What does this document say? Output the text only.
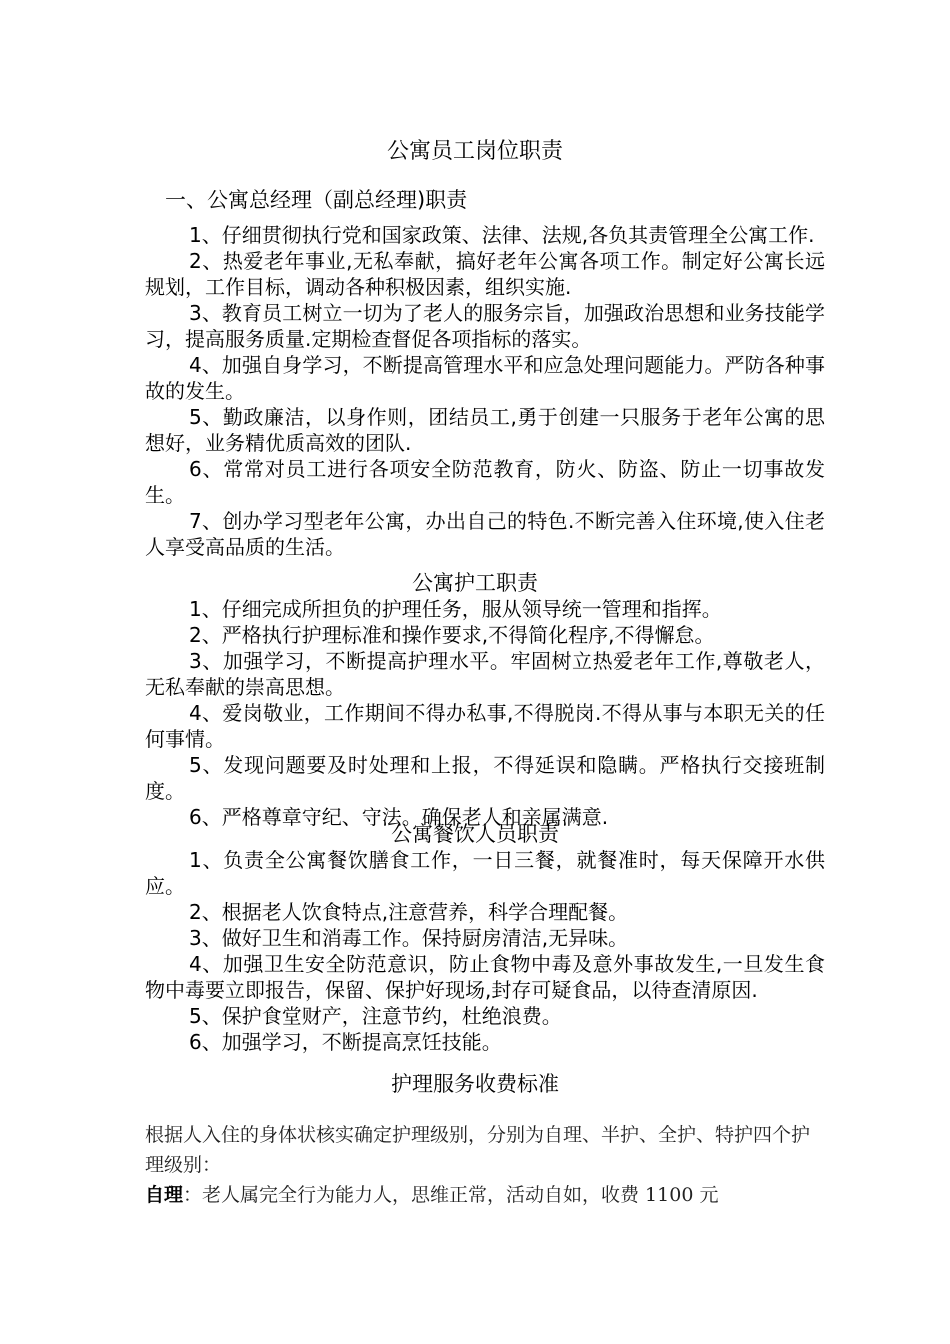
公寓员工岗位职责
一、公寓总经理（副总经理)职责
1、仔细贯彻执行党和国家政策、法律、法规,各负其责管理全公寓工作.
2、热爱老年事业,无私奉献，搞好老年公寓各项工作。制定好公寓长远规划，工作目标，调动各种积极因素，组织实施.
3、教育员工树立一切为了老人的服务宗旨，加强政治思想和业务技能学习，提高服务质量.定期检查督促各项指标的落实。
4、加强自身学习，不断提高管理水平和应急处理问题能力。严防各种事故的发生。
5、勤政廉洁，以身作则，团结员工,勇于创建一只服务于老年公寓的思想好，业务精优质高效的团队.
6、常常对员工进行各项安全防范教育，防火、防盗、防止一切事故发生。
7、创办学习型老年公寓，办出自己的特色.不断完善入住环境,使入住老人享受高品质的生活。
公寓护工职责
1、仔细完成所担负的护理任务，服从领导统一管理和指挥。
2、严格执行护理标准和操作要求,不得简化程序,不得懈怠。
3、加强学习，不断提高护理水平。牢固树立热爱老年工作,尊敬老人，无私奉献的崇高思想。
4、爱岗敬业，工作期间不得办私事,不得脱岗.不得从事与本职无关的任何事情。
5、发现问题要及时处理和上报，不得延误和隐瞒。严格执行交接班制度。
6、严格尊章守纪、守法。确保老人和亲属满意.
公寓餐饮人员职责
1、负责全公寓餐饮膳食工作，一日三餐，就餐准时，每天保障开水供应。
2、根据老人饮食特点,注意营养，科学合理配餐。
3、做好卫生和消毒工作。保持厨房清洁,无异味。
4、加强卫生安全防范意识，防止食物中毒及意外事故发生,一旦发生食物中毒要立即报告，保留、保护好现场,封存可疑食品，以待查清原因.
5、保护食堂财产，注意节约，杜绝浪费。
6、加强学习，不断提高烹饪技能。
护理服务收费标准
根据人入住的身体状核实确定护理级别，分别为自理、半护、全护、特护四个护理级别：
自理：老人属完全行为能力人，思维正常，活动自如，收费 1100 元
